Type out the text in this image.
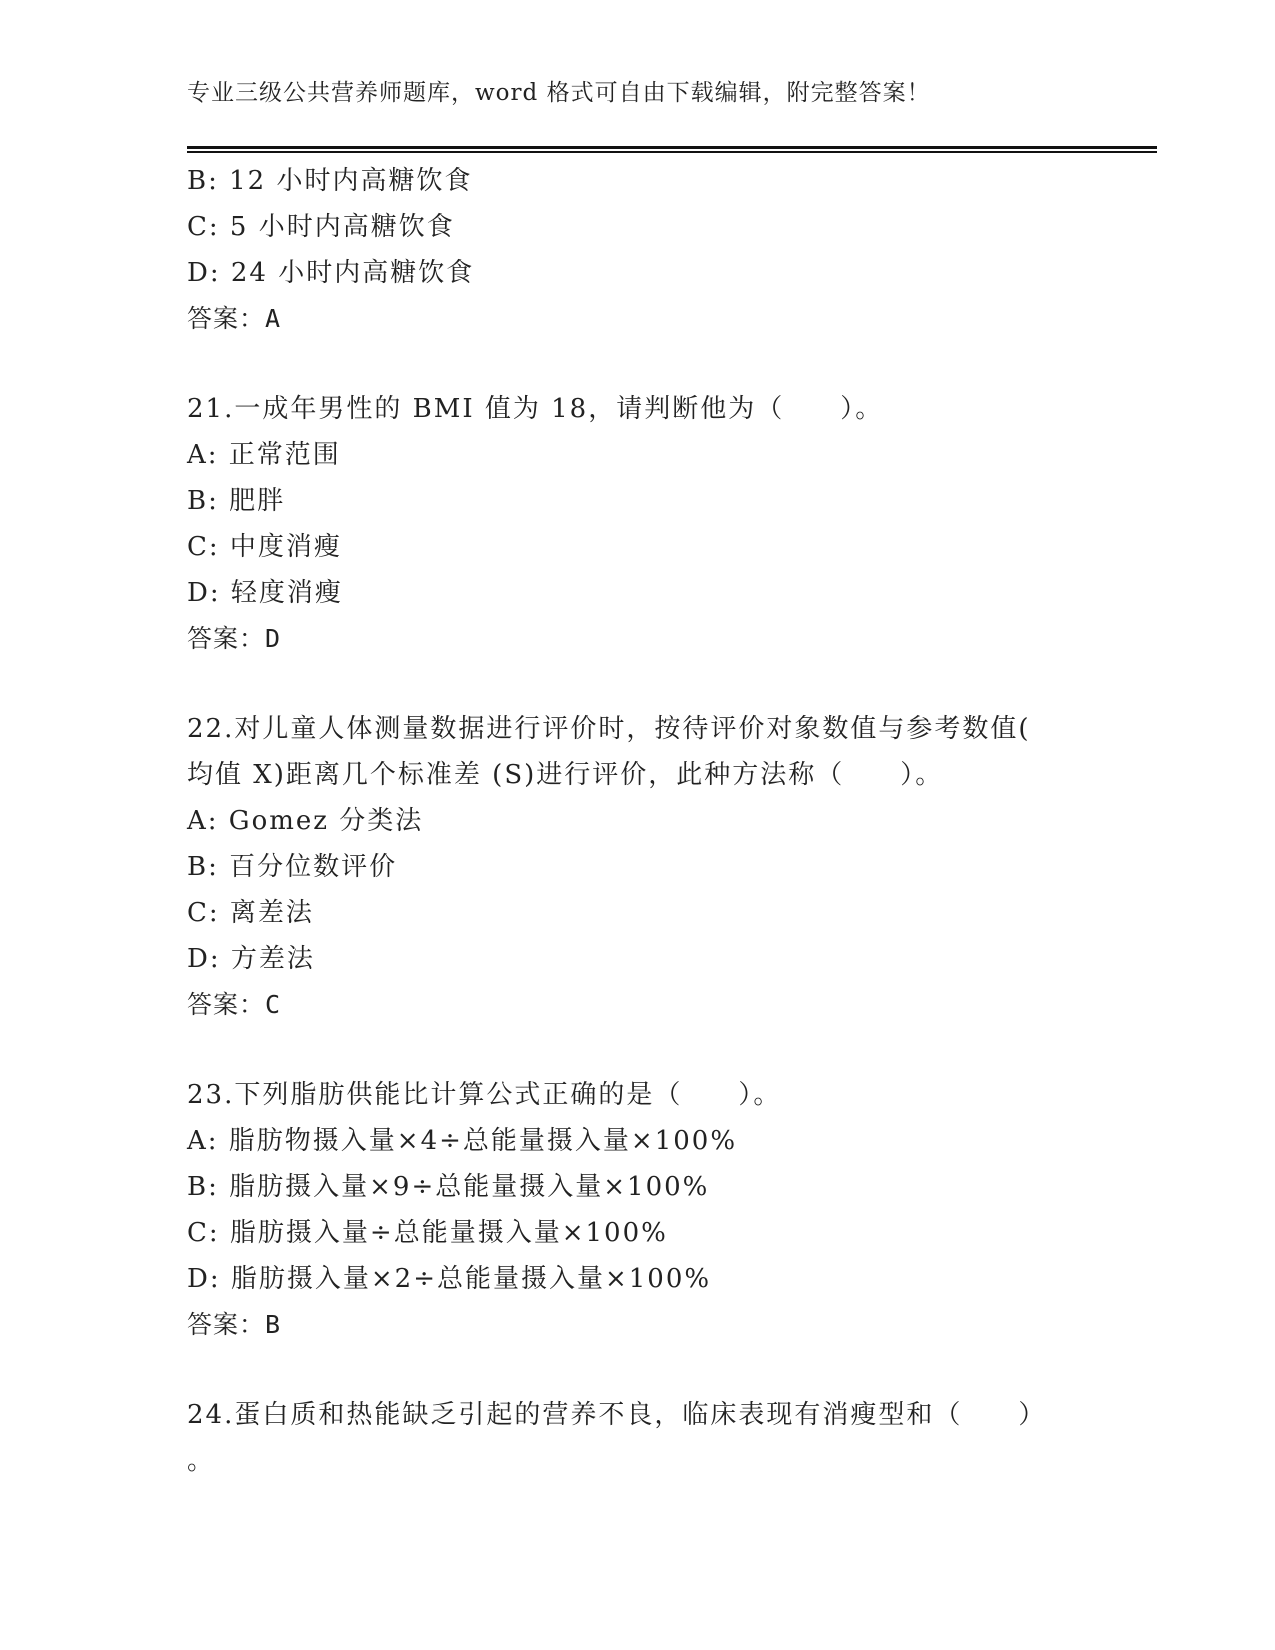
专业三级公共营养师题库，word 格式可自由下载编辑，附完整答案！
B: 12 小时内高糖饮食
C: 5 小时内高糖饮食
D: 24 小时内高糖饮食
答案：A
21.一成年男性的 BMI 值为 18，请判断他为（　　）。
A: 正常范围
B: 肥胖
C: 中度消瘦
D: 轻度消瘦
答案：D
22.对儿童人体测量数据进行评价时，按待评价对象数值与参考数值(
均值 X)距离几个标准差 (S)进行评价，此种方法称（　　）。
A: Gomez 分类法
B: 百分位数评价
C: 离差法
D: 方差法
答案：C
23.下列脂肪供能比计算公式正确的是（　　）。
A: 脂肪物摄入量×4÷总能量摄入量×100%
B: 脂肪摄入量×9÷总能量摄入量×100%
C: 脂肪摄入量÷总能量摄入量×100%
D: 脂肪摄入量×2÷总能量摄入量×100%
答案：B
24.蛋白质和热能缺乏引起的营养不良，临床表现有消瘦型和（　　）
。
